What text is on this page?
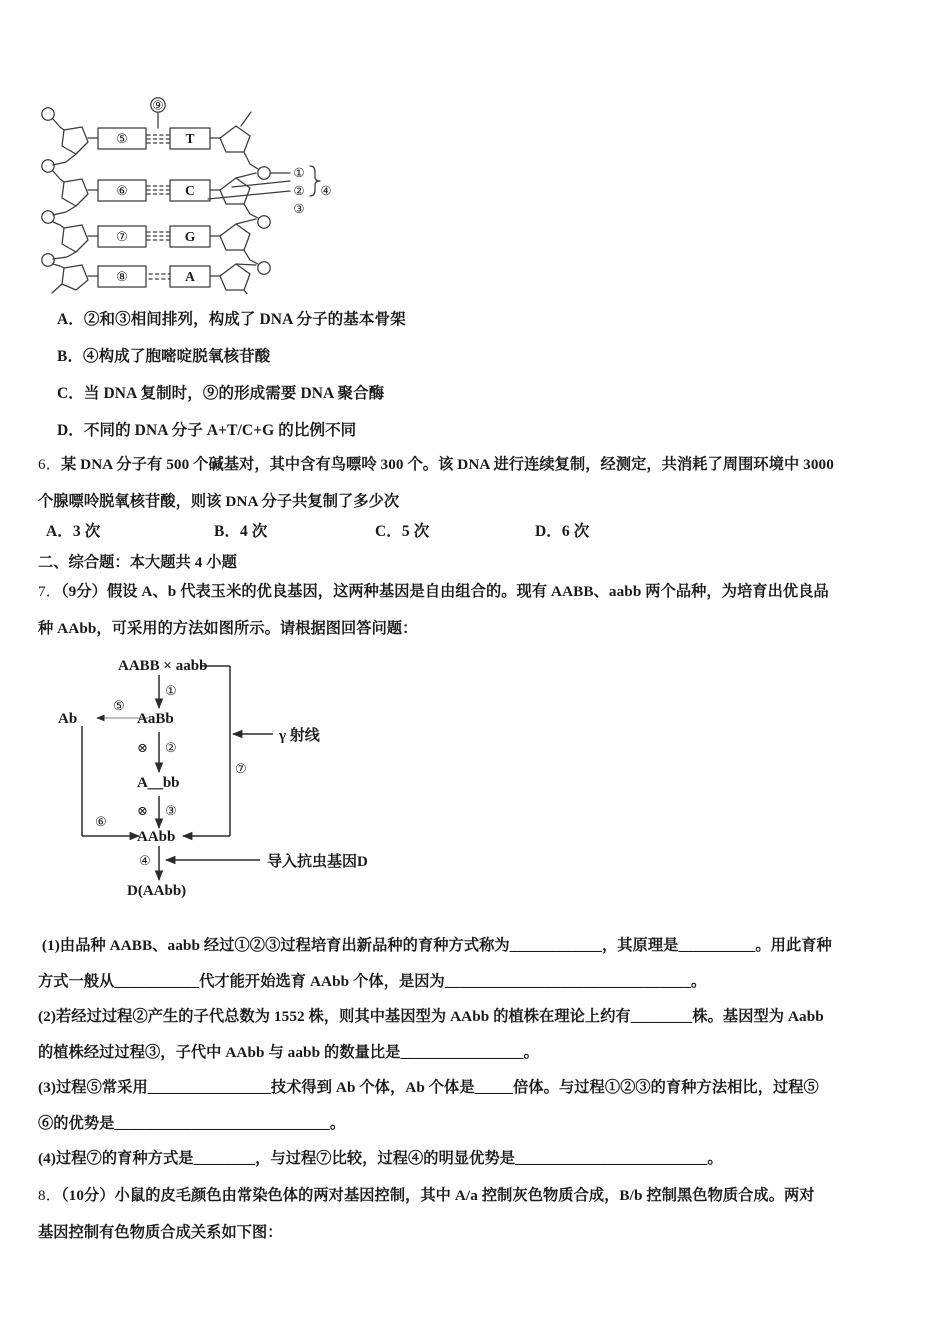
⑤
⑥
⑦
⑧
T
C
G
A
⑨
①
②
③
④
A．②和③相间排列，构成了 DNA 分子的基本骨架
B．④构成了胞嘧啶脱氧核苷酸
C．当 DNA 复制时，⑨的形成需要 DNA 聚合酶
D．不同的 DNA 分子 A+T/C+G 的比例不同
6．某 DNA 分子有 500 个碱基对，其中含有鸟嘌呤 300 个。该 DNA 进行连续复制，经测定，共消耗了周围环境中 3000
个腺嘌呤脱氧核苷酸，则该 DNA 分子共复制了多少次
A．3 次	B．4 次	C．5 次	D．6 次
二、综合题：本大题共 4 小题
7．（9分）假设 A、b 代表玉米的优良基因，这两种基因是自由组合的。现有 AABB、aabb 两个品种，为培育出优良品
种 AAbb，可采用的方法如图所示。请根据图回答问题：
AABB × aabb
AaBb
A＿bb
AAbb
D(AAbb)
Ab
①
②
③
④
⑤
⑥
⑦
⊗
⊗
γ 射线
导入抗虫基因D
(1)由品种 AABB、aabb 经过①②③过程培育出新品种的育种方式称为____________，其原理是__________。用此育种
方式一般从___________代才能开始选育 AAbb 个体，是因为________________________________。
(2)若经过过程②产生的子代总数为 1552 株，则其中基因型为 AAbb 的植株在理论上约有________株。基因型为 Aabb
的植株经过过程③，子代中 AAbb 与 aabb 的数量比是________________。
(3)过程⑤常采用________________技术得到 Ab 个体，Ab 个体是_____倍体。与过程①②③的育种方法相比，过程⑤
⑥的优势是____________________________。
(4)过程⑦的育种方式是________，与过程⑦比较，过程④的明显优势是_________________________。
8．（10分）小鼠的皮毛颜色由常染色体的两对基因控制，其中 A/a 控制灰色物质合成，B/b 控制黑色物质合成。两对
基因控制有色物质合成关系如下图：
